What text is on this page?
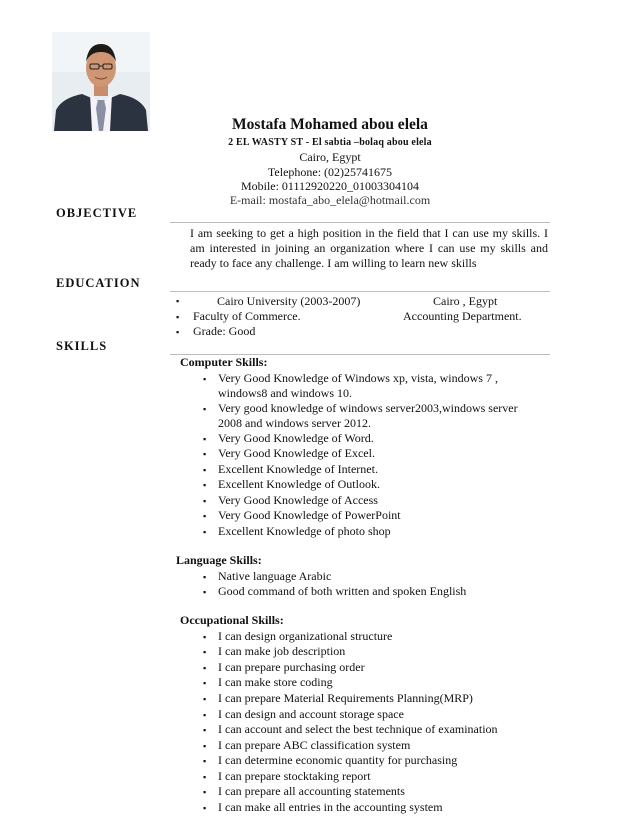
Mostafa Mohamed abou elela
2 EL WASTY ST - El sabtia –bolaq abou elela
Cairo, Egypt
Telephone: (02)25741675
Mobile: 01112920220_01003304104
E-mail: mostafa_abo_elela@hotmail.com
OBJECTIVE
I am seeking to get a high position in the field that I can use my skills. I am interested in joining an organization where I can use my skills and ready to face any challenge. I am willing to learn new skills
EDUCATION
▪	Cairo University (2003-2007)	Cairo , Egypt
▪ Faculty of Commerce.	Accounting Department.
▪ Grade: Good
SKILLS
Computer Skills:
▪ Very Good Knowledge of Windows xp, vista, windows 7 ,
windows8 and windows 10.
▪ Very good knowledge of windows server2003,windows server
2008 and windows server 2012.
▪ Very Good Knowledge of Word.
▪ Very Good Knowledge of Excel.
▪ Excellent Knowledge of Internet.
▪ Excellent Knowledge of Outlook.
▪ Very Good Knowledge of Access
▪ Very Good Knowledge of PowerPoint
▪ Excellent Knowledge of photo shop
Language Skills:
▪ Native language Arabic
▪ Good command of both written and spoken English
Occupational Skills:
▪ I can design organizational structure
▪ I can make job description
▪ I can prepare purchasing order
▪ I can make store coding
▪ I can prepare Material Requirements Planning(MRP)
▪ I can design and account storage space
▪ I can account and select the best technique of examination
▪ I can prepare ABC classification system
▪ I can determine economic quantity for purchasing
▪ I can prepare stocktaking report
▪ I can prepare all accounting statements
▪ I can make all entries in the accounting system
